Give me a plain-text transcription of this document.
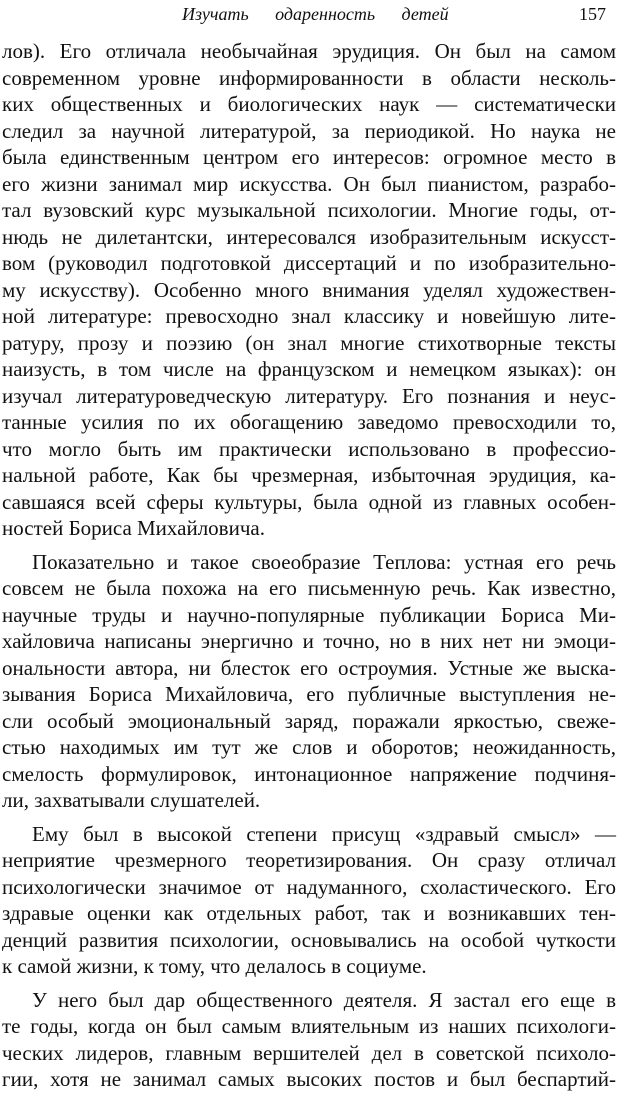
Изучать одаренность детей	157

лов). Его отличала необычайная эрудиция. Он был на самом
современном уровне информированности в области несколь-
ких общественных и биологических наук — систематически
следил за научной литературой, за периодикой. Но наука не
была единственным центром его интересов: огромное место в
его жизни занимал мир искусства. Он был пианистом, разрабо-
тал вузовский курс музыкальной психологии. Многие годы, от-
нюдь не дилетантски, интересовался изобразительным искусст-
вом (руководил подготовкой диссертаций и по изобразительно-
му искусству). Особенно много внимания уделял художествен-
ной литературе: превосходно знал классику и новейшую лите-
ратуру, прозу и поэзию (он знал многие стихотворные тексты
наизусть, в том числе на французском и немецком языках): он
изучал литературоведческую литературу. Его познания и неус-
танные усилия по их обогащению заведомо превосходили то,
что могло быть им практически использовано в профессио-
нальной работе, Как бы чрезмерная, избыточная эрудиция, ка-
савшаяся всей сферы культуры, была одной из главных особен-
ностей Бориса Михайловича.

Показательно и такое своеобразие Теплова: устная его речь
совсем не была похожа на его письменную речь. Как известно,
научные труды и научно-популярные публикации Бориса Ми-
хайловича написаны энергично и точно, но в них нет ни эмоци-
ональности автора, ни блесток его остроумия. Устные же выска-
зывания Бориса Михайловича, его публичные выступления не-
сли особый эмоциональный заряд, поражали яркостью, свеже-
стью находимых им тут же слов и оборотов; неожиданность,
смелость формулировок, интонационное напряжение подчиня-
ли, захватывали слушателей.

Ему был в высокой степени присущ «здравый смысл» —
неприятие чрезмерного теоретизирования. Он сразу отличал
психологически значимое от надуманного, схоластического. Его
здравые оценки как отдельных работ, так и возникавших тен-
денций развития психологии, основывались на особой чуткости
к самой жизни, к тому, что делалось в социуме.

У него был дар общественного деятеля. Я застал его еще в
те годы, когда он был самым влиятельным из наших психологи-
ческих лидеров, главным вершителей дел в советской психоло-
гии, хотя не занимал самых высоких постов и был беспартий-
